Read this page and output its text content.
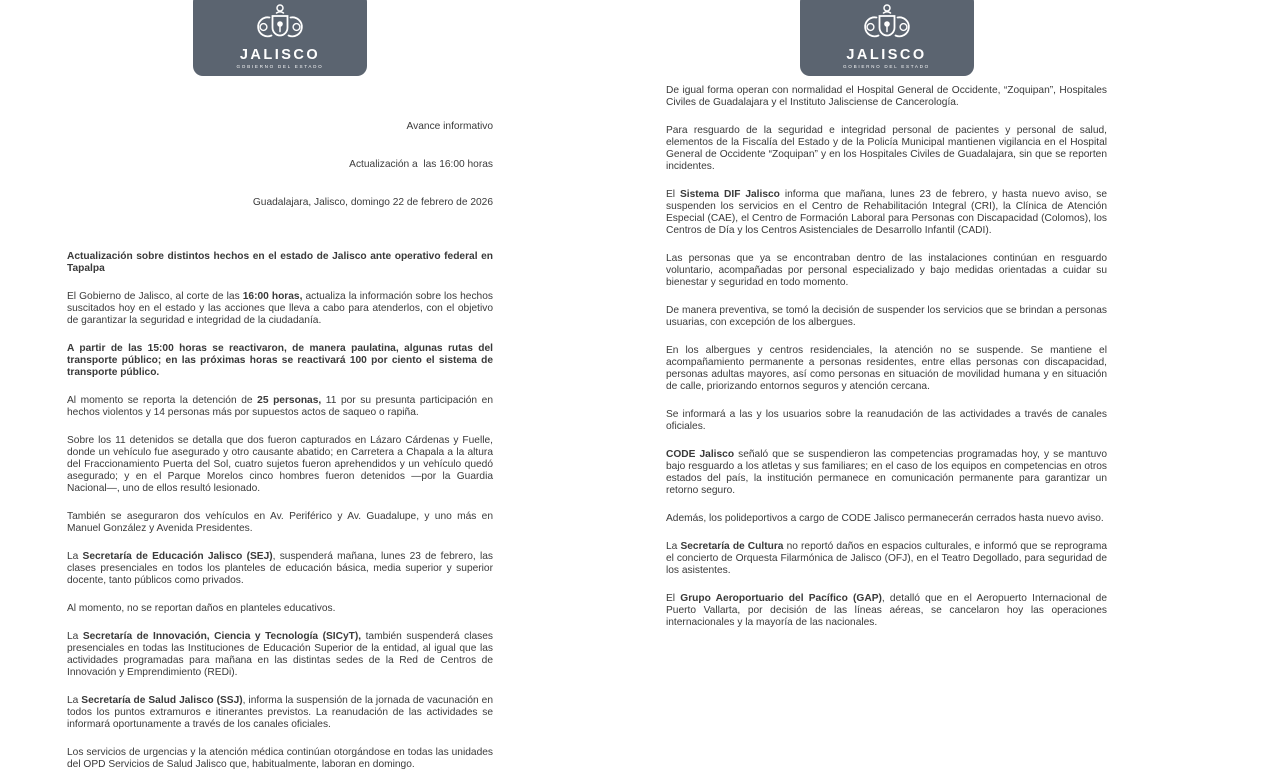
JALISCO
GOBIERNO DEL ESTADO

Avance informativo

Actualización a  las 16:00 horas

Guadalajara, Jalisco, domingo 22 de febrero de 2026

Actualización sobre distintos hechos en el estado de Jalisco ante operativo federal en Tapalpa

El Gobierno de Jalisco, al corte de las 16:00 horas, actualiza la información sobre los hechos suscitados hoy en el estado y las acciones que lleva a cabo para atenderlos, con el objetivo de garantizar la seguridad e integridad de la ciudadanía.

A partir de las 15:00 horas se reactivaron, de manera paulatina, algunas rutas del transporte público; en las próximas horas se reactivará 100 por ciento el sistema de transporte público.

Al momento se reporta la detención de 25 personas, 11 por su presunta participación en hechos violentos y 14 personas más por supuestos actos de saqueo o rapiña.

Sobre los 11 detenidos se detalla que dos fueron capturados en Lázaro Cárdenas y Fuelle, donde un vehículo fue asegurado y otro causante abatido; en Carretera a Chapala a la altura del Fraccionamiento Puerta del Sol, cuatro sujetos fueron aprehendidos y un vehículo quedó asegurado; y en el Parque Morelos cinco hombres fueron detenidos —por la Guardia Nacional—, uno de ellos resultó lesionado.

También se aseguraron dos vehículos en Av. Periférico y Av. Guadalupe, y uno más en Manuel González y Avenida Presidentes.

La Secretaría de Educación Jalisco (SEJ), suspenderá mañana, lunes 23 de febrero, las clases presenciales en todos los planteles de educación básica, media superior y superior docente, tanto públicos como privados.

Al momento, no se reportan daños en planteles educativos.

La Secretaría de Innovación, Ciencia y Tecnología (SICyT), también suspenderá clases presenciales en todas las Instituciones de Educación Superior de la entidad, al igual que las actividades programadas para mañana en las distintas sedes de la Red de Centros de Innovación y Emprendimiento (REDi).

La Secretaría de Salud Jalisco (SSJ), informa la suspensión de la jornada de vacunación en todos los puntos extramuros e itinerantes previstos. La reanudación de las actividades se informará oportunamente a través de los canales oficiales.

Los servicios de urgencias y la atención médica continúan otorgándose en todas las unidades del OPD Servicios de Salud Jalisco que, habitualmente, laboran en domingo.

JALISCO
GOBIERNO DEL ESTADO

De igual forma operan con normalidad el Hospital General de Occidente, “Zoquipan”, Hospitales Civiles de Guadalajara y el Instituto Jalisciense de Cancerología.

Para resguardo de la seguridad e integridad personal de pacientes y personal de salud, elementos de la Fiscalía del Estado y de la Policía Municipal mantienen vigilancia en el Hospital General de Occidente “Zoquipan” y en los Hospitales Civiles de Guadalajara, sin que se reporten incidentes.

El Sistema DIF Jalisco informa que mañana, lunes 23 de febrero, y hasta nuevo aviso, se suspenden los servicios en el Centro de Rehabilitación Integral (CRI), la Clínica de Atención Especial (CAE), el Centro de Formación Laboral para Personas con Discapacidad (Colomos), los Centros de Día y los Centros Asistenciales de Desarrollo Infantil (CADI).

Las personas que ya se encontraban dentro de las instalaciones continúan en resguardo voluntario, acompañadas por personal especializado y bajo medidas orientadas a cuidar su bienestar y seguridad en todo momento.

De manera preventiva, se tomó la decisión de suspender los servicios que se brindan a personas usuarias, con excepción de los albergues.

En los albergues y centros residenciales, la atención no se suspende. Se mantiene el acompañamiento permanente a personas residentes, entre ellas personas con discapacidad, personas adultas mayores, así como personas en situación de movilidad humana y en situación de calle, priorizando entornos seguros y atención cercana.

Se informará a las y los usuarios sobre la reanudación de las actividades a través de canales oficiales.

CODE Jalisco señaló que se suspendieron las competencias programadas hoy, y se mantuvo bajo resguardo a los atletas y sus familiares; en el caso de los equipos en competencias en otros estados del país, la institución permanece en comunicación permanente para garantizar un retorno seguro.

Además, los polideportivos a cargo de CODE Jalisco permanecerán cerrados hasta nuevo aviso.

La Secretaría de Cultura no reportó daños en espacios culturales, e informó que se reprograma el concierto de Orquesta Filarmónica de Jalisco (OFJ), en el Teatro Degollado, para seguridad de los asistentes.

El Grupo Aeroportuario del Pacífico (GAP), detalló que en el Aeropuerto Internacional de Puerto Vallarta, por decisión de las líneas aéreas, se cancelaron hoy las operaciones internacionales y la mayoría de las nacionales.
